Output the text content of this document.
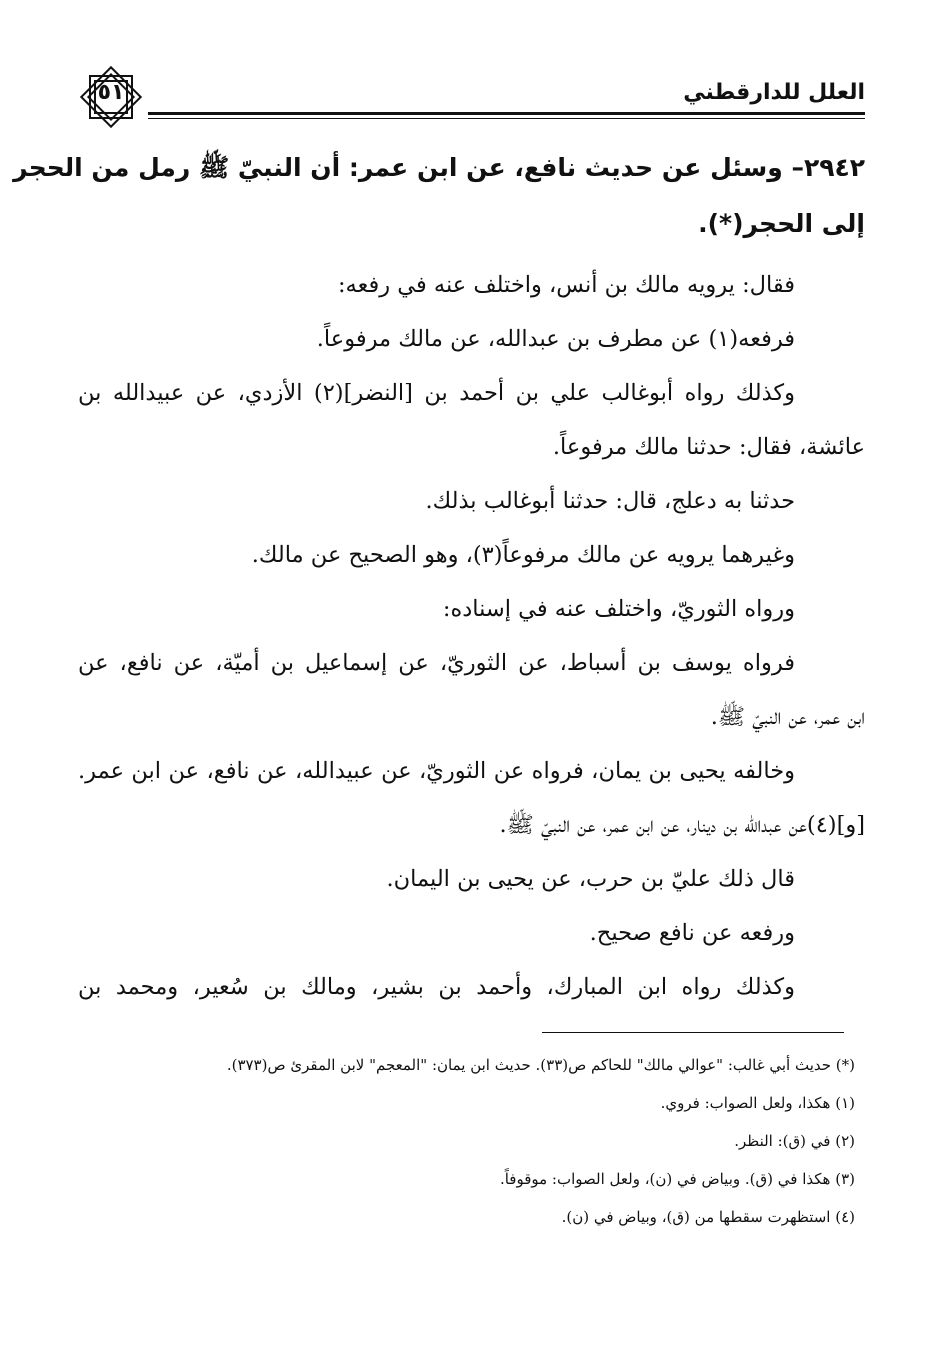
٥١	العلل للدارقطني

٢٩٤٢– وسئل عن حديث نافع، عن ابن عمر: أن النبيّ ﷺ رمل من الحجر

إلى الحجر(*).

فقال: يرويه مالك بن أنس، واختلف عنه في رفعه:

فرفعه(١) عن مطرف بن عبدالله، عن مالك مرفوعاً.

وكذلك رواه أبوغالب علي بن أحمد بن [النضر](٢) الأزدي، عن عبيدالله بن

عائشة، فقال: حدثنا مالك مرفوعاً.

حدثنا به دعلج، قال: حدثنا أبوغالب بذلك.

وغيرهما يرويه عن مالك مرفوعاً(٣)، وهو الصحيح عن مالك.

ورواه الثوريّ، واختلف عنه في إسناده:

فرواه يوسف بن أسباط، عن الثوريّ، عن إسماعيل بن أميّة، عن نافع، عن

ابن عمر، عن النبيّ ﷺ.

وخالفه يحيى بن يمان، فرواه عن الثوريّ، عن عبيدالله، عن نافع، عن ابن عمر.

[و](٤)عن عبدالله بن دينار، عن ابن عمر، عن النبيّ ﷺ.

قال ذلك عليّ بن حرب، عن يحيى بن اليمان.

ورفعه عن نافع صحيح.

وكذلك رواه ابن المبارك، وأحمد بن بشير، ومالك بن سُعير، ومحمد بن

(*) حديث أبي غالب: "عوالي مالك" للحاكم ص(٣٣). حديث ابن يمان: "المعجم" لابن المقرئ ص(٣٧٣).

(١) هكذا، ولعل الصواب: فروي.

(٢) في (ق): النظر.

(٣) هكذا في (ق). وبياض في (ن)، ولعل الصواب: موقوفاً.

(٤) استظهرت سقطها من (ق)، وبياض في (ن).
